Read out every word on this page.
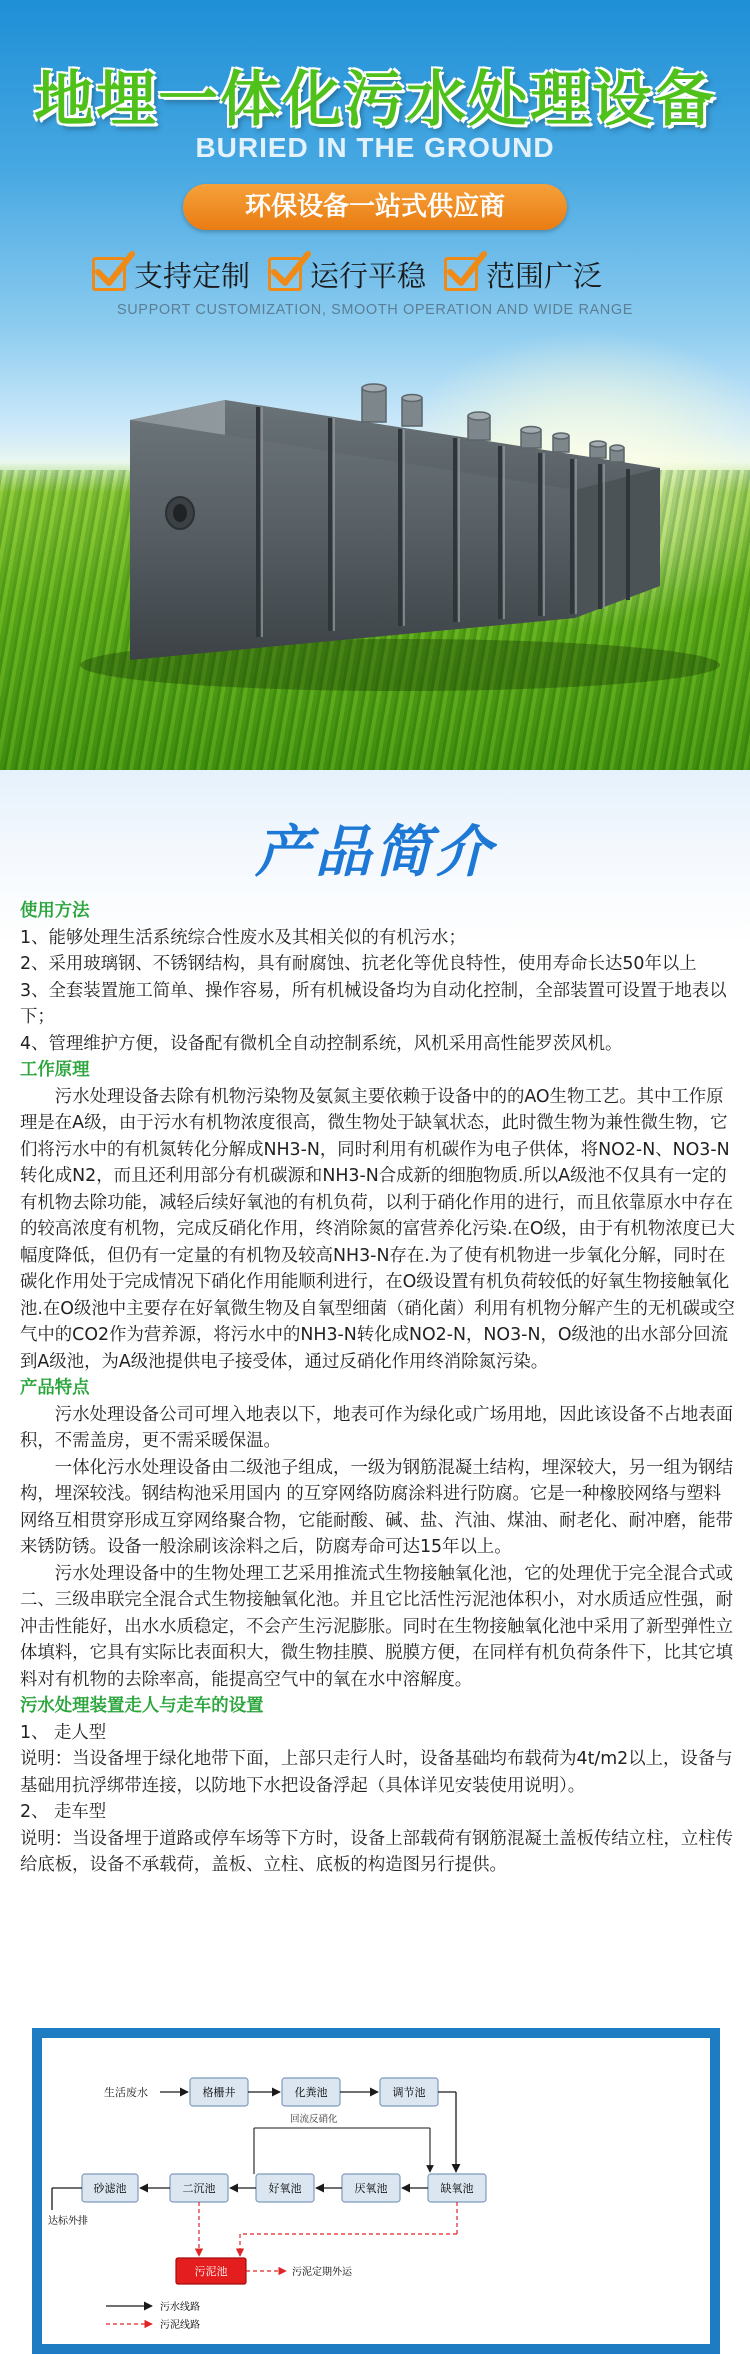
地埋一体化污水处理设备
BURIED IN THE GROUND
环保设备一站式供应商
支持定制 运行平稳 范围广泛
SUPPORT CUSTOMIZATION, SMOOTH OPERATION AND WIDE RANGE
产品简介

使用方法

1、能够处理生活系统综合性废水及其相关似的有机污水；

2、采用玻璃钢、不锈钢结构，具有耐腐蚀、抗老化等优良特性，使用寿命长达50年以上

3、全套装置施工简单、操作容易，所有机械设备均为自动化控制，全部装置可设置于地表以下；

4、管理维护方便，设备配有微机全自动控制系统，风机采用高性能罗茨风机。

工作原理

污水处理设备去除有机物污染物及氨氮主要依赖于设备中的的AO生物工艺。其中工作原理是在A级，由于污水有机物浓度很高，微生物处于缺氧状态，此时微生物为兼性微生物，它们将污水中的有机氮转化分解成NH3-N，同时利用有机碳作为电子供体，将NO2-N、NO3-N转化成N2，而且还利用部分有机碳源和NH3-N合成新的细胞物质.所以A级池不仅具有一定的有机物去除功能，减轻后续好氧池的有机负荷，以利于硝化作用的进行，而且依靠原水中存在的较高浓度有机物，完成反硝化作用，终消除氮的富营养化污染.在O级，由于有机物浓度已大幅度降低，但仍有一定量的有机物及较高NH3-N存在.为了使有机物进一步氧化分解，同时在碳化作用处于完成情况下硝化作用能顺利进行，在O级设置有机负荷较低的好氧生物接触氧化池.在O级池中主要存在好氧微生物及自氧型细菌（硝化菌）利用有机物分解产生的无机碳或空气中的CO2作为营养源，将污水中的NH3-N转化成NO2-N，NO3-N，O级池的出水部分回流到A级池，为A级池提供电子接受体，通过反硝化作用终消除氮污染。

产品特点

污水处理设备公司可埋入地表以下，地表可作为绿化或广场用地，因此该设备不占地表面积，不需盖房，更不需采暖保温。

一体化污水处理设备由二级池子组成，一级为钢筋混凝土结构，埋深较大，另一组为钢结构，埋深较浅。钢结构池采用国内 的互穿网络防腐涂料进行防腐。它是一种橡胶网络与塑料网络互相贯穿形成互穿网络聚合物，它能耐酸、碱、盐、汽油、煤油、耐老化、耐冲磨，能带来锈防锈。设备一般涂刷该涂料之后，防腐寿命可达15年以上。

污水处理设备中的生物处理工艺采用推流式生物接触氧化池，它的处理优于完全混合式或二、三级串联完全混合式生物接触氧化池。并且它比活性污泥池体积小，对水质适应性强，耐冲击性能好，出水水质稳定，不会产生污泥膨胀。同时在生物接触氧化池中采用了新型弹性立体填料，它具有实际比表面积大，微生物挂膜、脱膜方便，在同样有机负荷条件下，比其它填料对有机物的去除率高，能提高空气中的氧在水中溶解度。

污水处理装置走人与走车的设置

1、 走人型

说明：当设备埋于绿化地带下面，上部只走行人时，设备基础均布载荷为4t/m2以上，设备与基础用抗浮绑带连接，以防地下水把设备浮起（具体详见安装使用说明）。

2、 走车型

说明：当设备埋于道路或停车场等下方时，设备上部载荷有钢筋混凝土盖板传结立柱，立柱传给底板，设备不承载荷，盖板、立柱、底板的构造图另行提供。

生活废水	格栅井	化粪池	调节池
回流反硝化
缺氧池
厌氧池
好氧池
二沉池
砂滤池
达标外排
污泥池	污泥定期外运
污水线路
污泥线路
